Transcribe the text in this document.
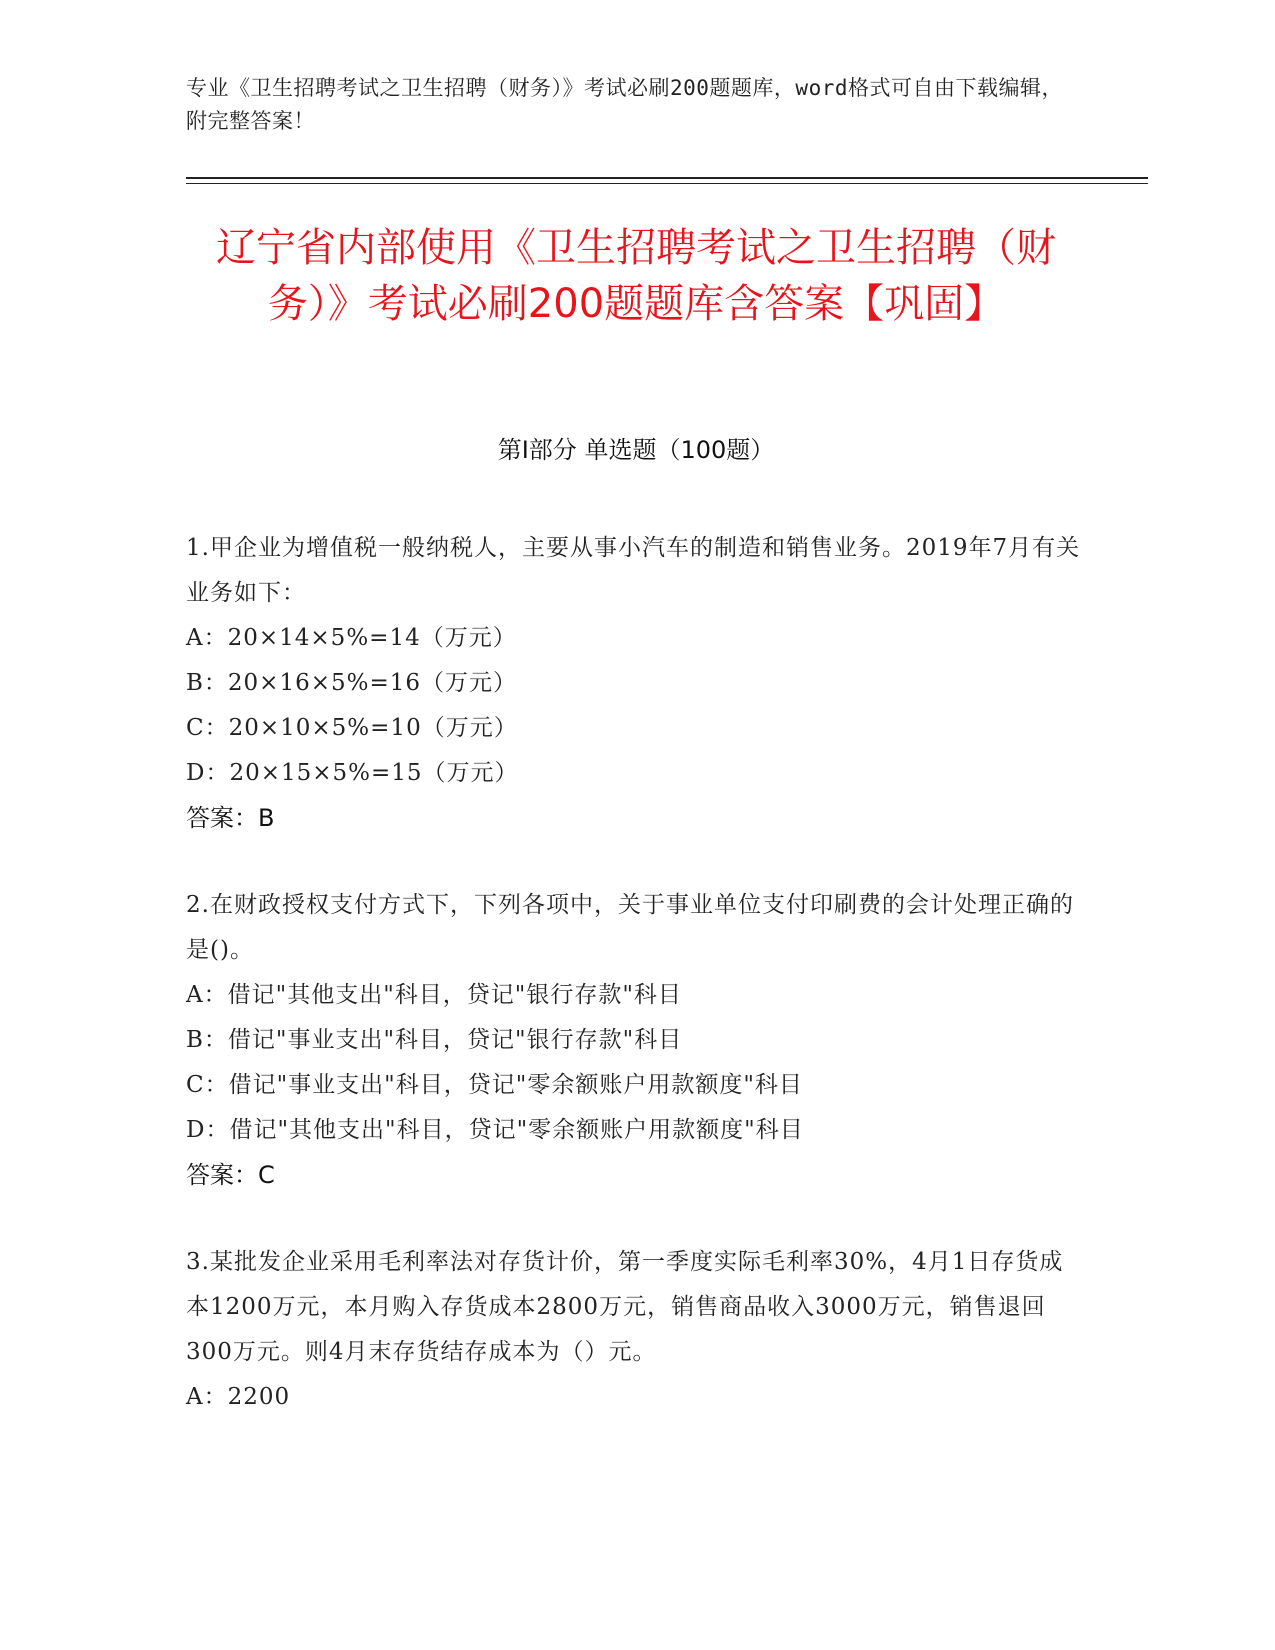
专业《卫生招聘考试之卫生招聘（财务）》考试必刷200题题库，word格式可自由下载编辑，附完整答案！
辽宁省内部使用《卫生招聘考试之卫生招聘（财务）》考试必刷200题题库含答案【巩固】
第Ⅰ部分 单选题（100题）
1.甲企业为增值税一般纳税人，主要从事小汽车的制造和销售业务。2019年7月有关业务如下：
A：20×14×5%=14（万元）
B：20×16×5%=16（万元）
C：20×10×5%=10（万元）
D：20×15×5%=15（万元）
答案：B
2.在财政授权支付方式下，下列各项中，关于事业单位支付印刷费的会计处理正确的是()。
A：借记"其他支出"科目，贷记"银行存款"科目
B：借记"事业支出"科目，贷记"银行存款"科目
C：借记"事业支出"科目，贷记"零余额账户用款额度"科目
D：借记"其他支出"科目，贷记"零余额账户用款额度"科目
答案：C
3.某批发企业采用毛利率法对存货计价，第一季度实际毛利率30%，4月1日存货成本1200万元，本月购入存货成本2800万元，销售商品收入3000万元，销售退回300万元。则4月末存货结存成本为（）元。
A：2200
